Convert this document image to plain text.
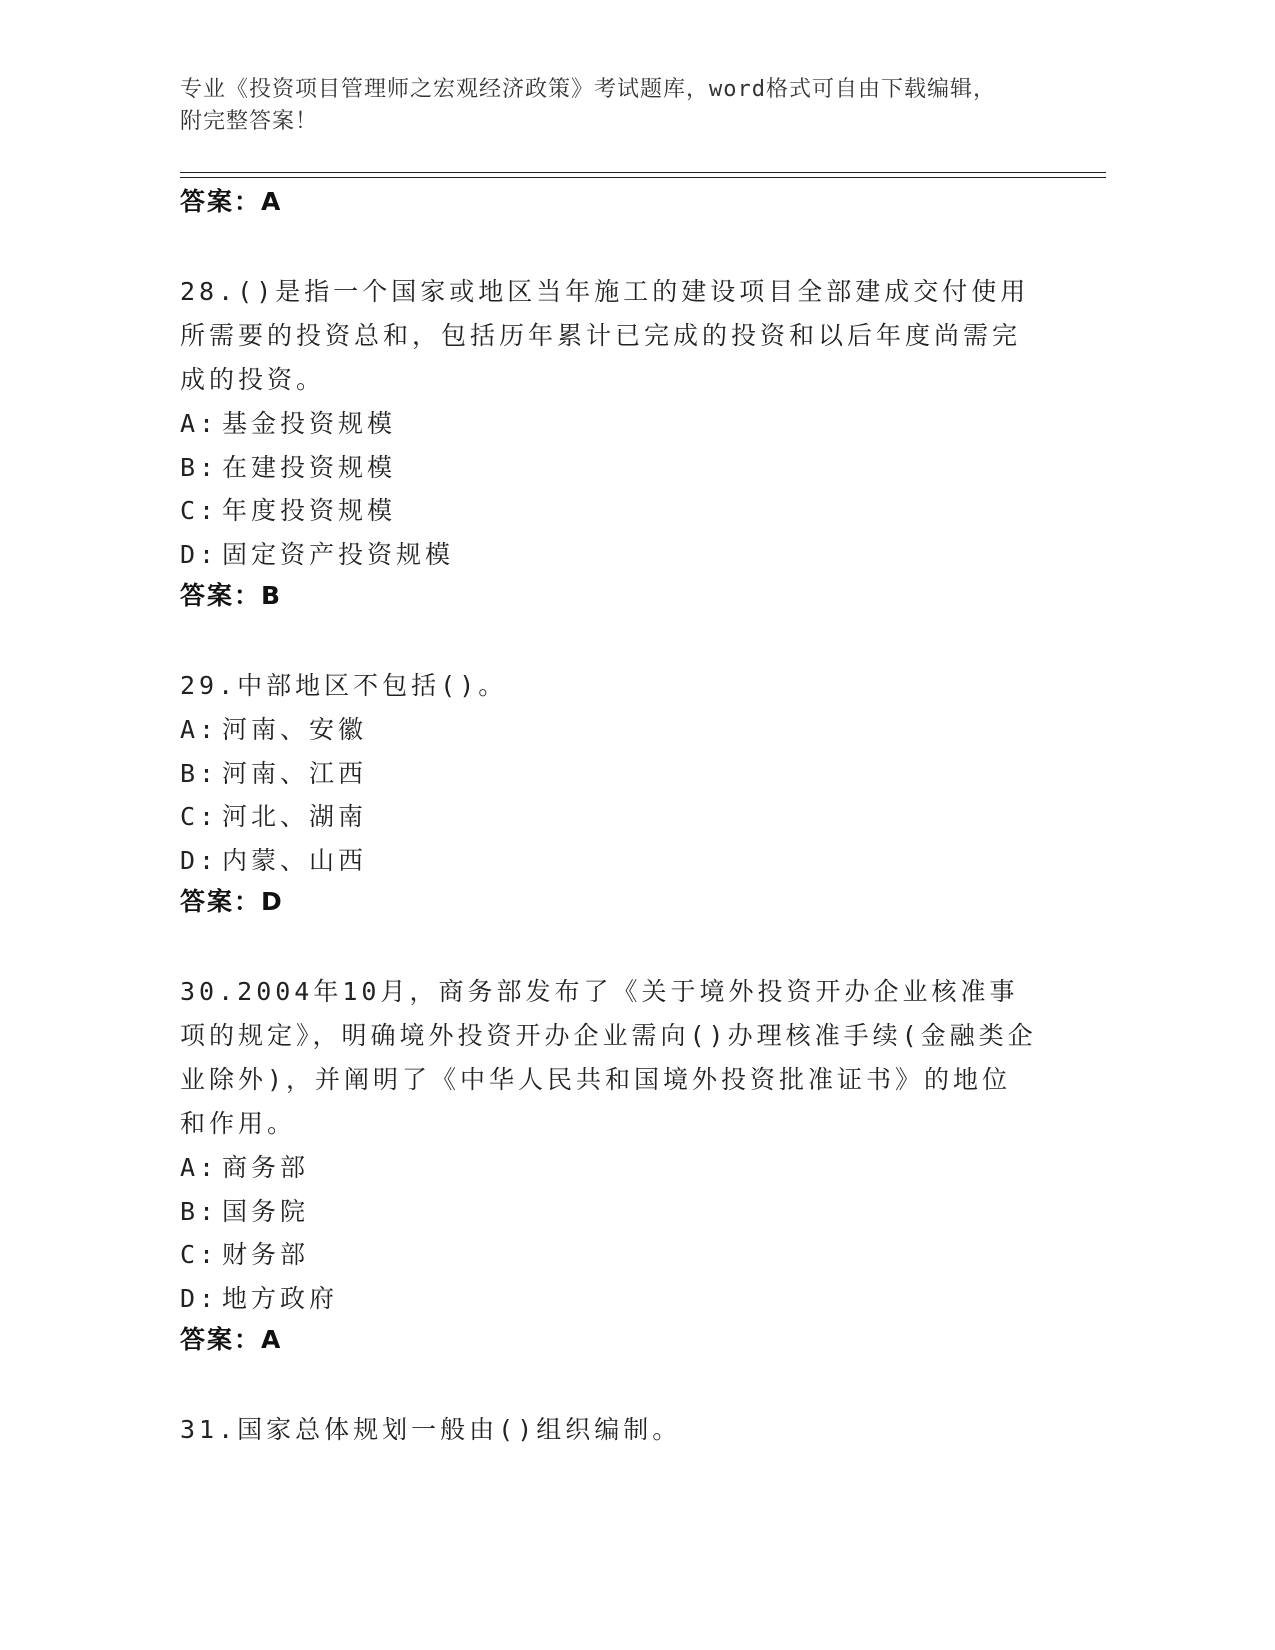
专业《投资项目管理师之宏观经济政策》考试题库，word格式可自由下载编辑，
附完整答案！

答案：A

28.()是指一个国家或地区当年施工的建设项目全部建成交付使用所需要的投资总和，包括历年累计已完成的投资和以后年度尚需完成的投资。

A: 基金投资规模

B: 在建投资规模

C: 年度投资规模

D: 固定资产投资规模

答案：B

29.中部地区不包括()。

A: 河南、安徽

B: 河南、江西

C: 河北、湖南

D: 内蒙、山西

答案：D

30.2004年10月，商务部发布了《关于境外投资开办企业核准事项的规定》，明确境外投资开办企业需向()办理核准手续(金融类企业除外)，并阐明了《中华人民共和国境外投资批准证书》的地位和作用。

A: 商务部

B: 国务院

C: 财务部

D: 地方政府

答案：A

31.国家总体规划一般由()组织编制。
